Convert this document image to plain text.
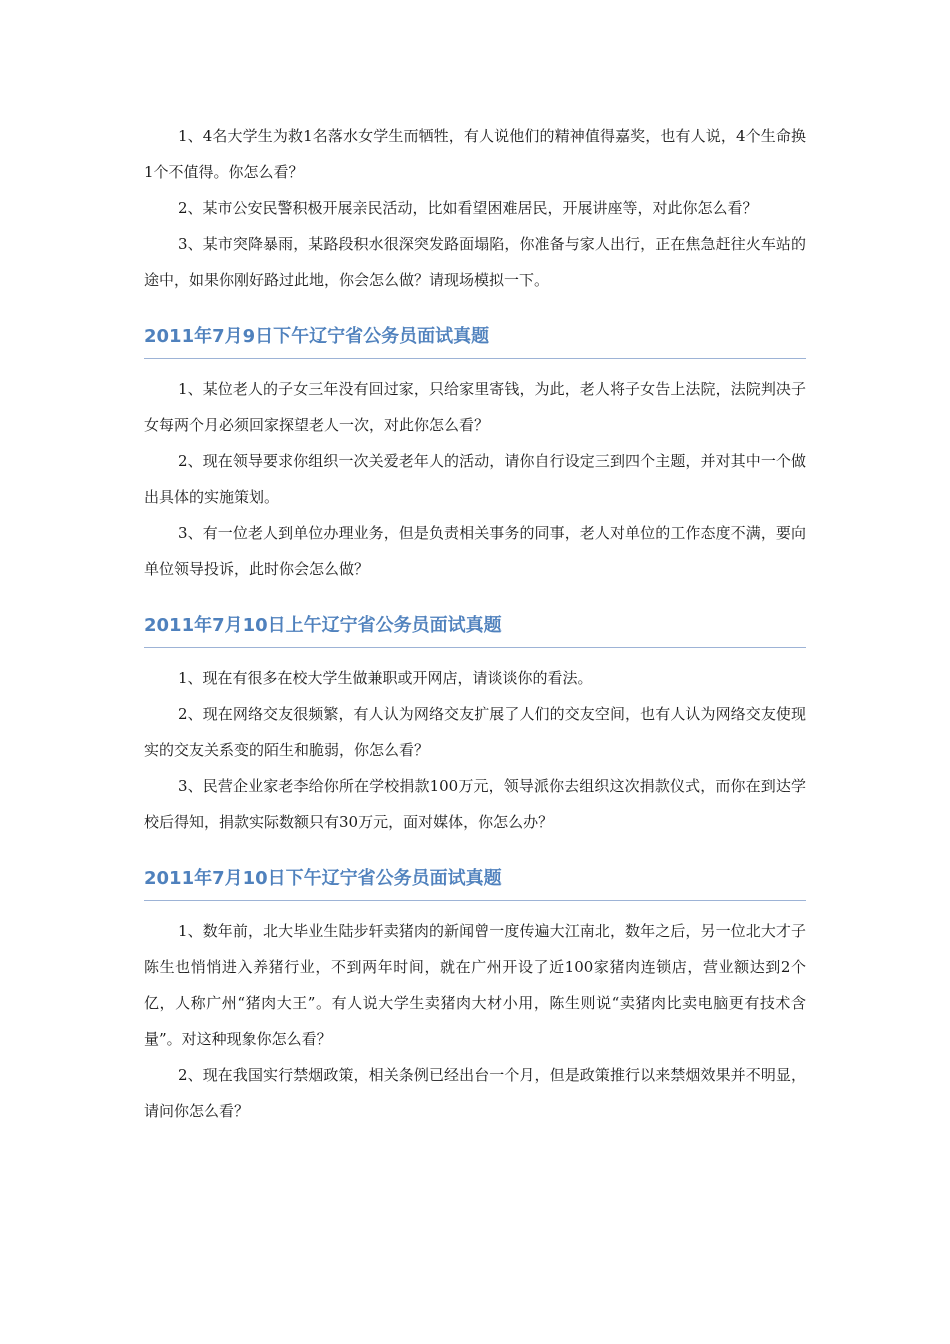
1、4名大学生为救1名落水女学生而牺牲，有人说他们的精神值得嘉奖，也有人说，4个生命换1个不值得。你怎么看？

2、某市公安民警积极开展亲民活动，比如看望困难居民，开展讲座等，对此你怎么看？

3、某市突降暴雨，某路段积水很深突发路面塌陷，你准备与家人出行，正在焦急赶往火车站的途中，如果你刚好路过此地，你会怎么做？请现场模拟一下。

2011年7月9日下午辽宁省公务员面试真题

1、某位老人的子女三年没有回过家，只给家里寄钱，为此，老人将子女告上法院，法院判决子女每两个月必须回家探望老人一次，对此你怎么看？

2、现在领导要求你组织一次关爱老年人的活动，请你自行设定三到四个主题，并对其中一个做出具体的实施策划。

3、有一位老人到单位办理业务，但是负责相关事务的同事，老人对单位的工作态度不满，要向单位领导投诉，此时你会怎么做？

2011年7月10日上午辽宁省公务员面试真题

1、现在有很多在校大学生做兼职或开网店，请谈谈你的看法。

2、现在网络交友很频繁，有人认为网络交友扩展了人们的交友空间，也有人认为网络交友使现实的交友关系变的陌生和脆弱，你怎么看？

3、民营企业家老李给你所在学校捐款100万元，领导派你去组织这次捐款仪式，而你在到达学校后得知，捐款实际数额只有30万元，面对媒体，你怎么办？

2011年7月10日下午辽宁省公务员面试真题

1、数年前，北大毕业生陆步轩卖猪肉的新闻曾一度传遍大江南北，数年之后，另一位北大才子陈生也悄悄进入养猪行业，不到两年时间，就在广州开设了近100家猪肉连锁店，营业额达到2个亿，人称广州“猪肉大王”。有人说大学生卖猪肉大材小用，陈生则说“卖猪肉比卖电脑更有技术含量”。对这种现象你怎么看？

2、现在我国实行禁烟政策，相关条例已经出台一个月，但是政策推行以来禁烟效果并不明显，请问你怎么看？
